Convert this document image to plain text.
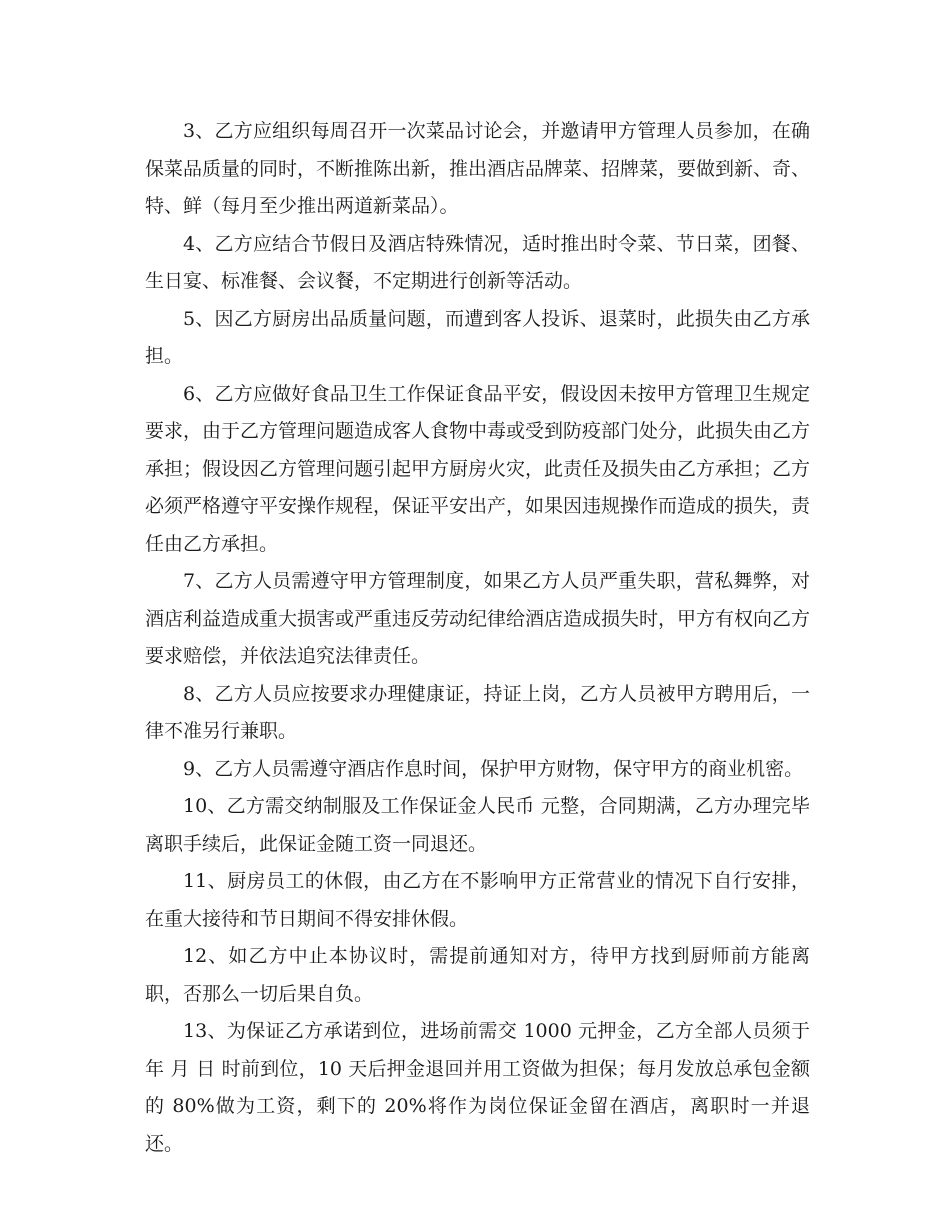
3、乙方应组织每周召开一次菜品讨论会，并邀请甲方管理人员参加，在确保菜品质量的同时，不断推陈出新，推出酒店品牌菜、招牌菜，要做到新、奇、特、鲜（每月至少推出两道新菜品）。

4、乙方应结合节假日及酒店特殊情况，适时推出时令菜、节日菜，团餐、生日宴、标准餐、会议餐，不定期进行创新等活动。

5、因乙方厨房出品质量问题，而遭到客人投诉、退菜时，此损失由乙方承担。

6、乙方应做好食品卫生工作保证食品平安，假设因未按甲方管理卫生规定要求，由于乙方管理问题造成客人食物中毒或受到防疫部门处分，此损失由乙方承担；假设因乙方管理问题引起甲方厨房火灾，此责任及损失由乙方承担；乙方必须严格遵守平安操作规程，保证平安出产，如果因违规操作而造成的损失，责任由乙方承担。

7、乙方人员需遵守甲方管理制度，如果乙方人员严重失职，营私舞弊，对酒店利益造成重大损害或严重违反劳动纪律给酒店造成损失时，甲方有权向乙方要求赔偿，并依法追究法律责任。

8、乙方人员应按要求办理健康证，持证上岗，乙方人员被甲方聘用后，一律不准另行兼职。

9、乙方人员需遵守酒店作息时间，保护甲方财物，保守甲方的商业机密。

10、乙方需交纳制服及工作保证金人民币 元整，合同期满，乙方办理完毕离职手续后，此保证金随工资一同退还。

11、厨房员工的休假，由乙方在不影响甲方正常营业的情况下自行安排，在重大接待和节日期间不得安排休假。

12、如乙方中止本协议时，需提前通知对方，待甲方找到厨师前方能离职，否那么一切后果自负。

13、为保证乙方承诺到位，进场前需交 1000 元押金，乙方全部人员须于 年 月 日 时前到位，10 天后押金退回并用工资做为担保；每月发放总承包金额的 80%做为工资，剩下的 20%将作为岗位保证金留在酒店，离职时一并退还。
